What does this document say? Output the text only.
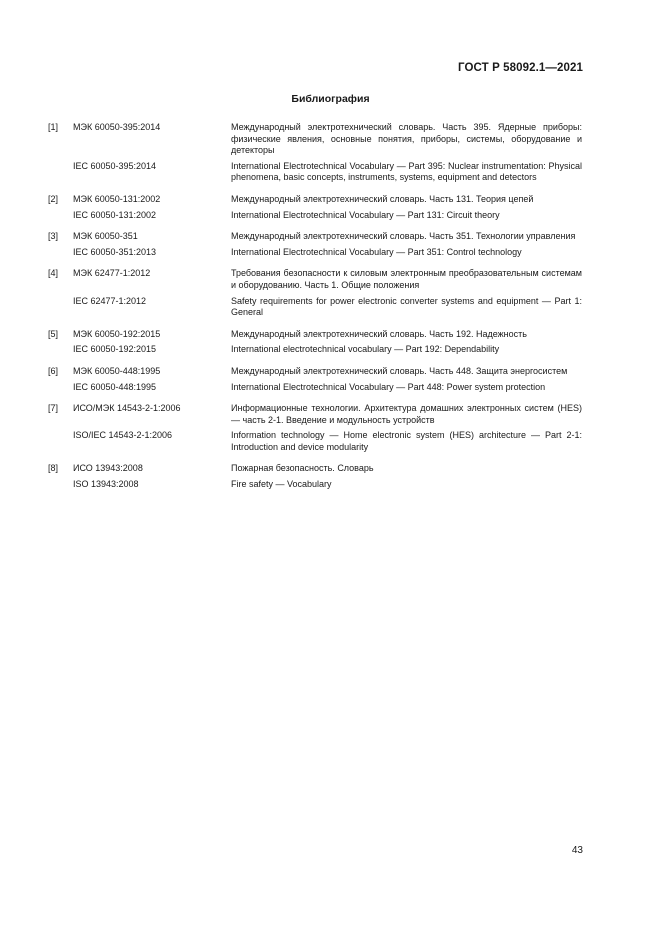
ГОСТ Р 58092.1—2021
Библиография
[1]	МЭК 60050-395:2014	Международный электротехнический словарь. Часть 395. Ядерные приборы: физические явления, основные понятия, приборы, системы, оборудование и детекторы
IEC 60050-395:2014	International Electrotechnical Vocabulary — Part 395: Nuclear instrumentation: Physical phenomena, basic concepts, instruments, systems, equipment and detectors
[2]	МЭК 60050-131:2002	Международный электротехнический словарь. Часть 131. Теория цепей
IEC 60050-131:2002	International Electrotechnical Vocabulary — Part 131: Circuit theory
[3]	МЭК 60050-351	Международный электротехнический словарь. Часть 351. Технологии управления
IEC 60050-351:2013	International Electrotechnical Vocabulary — Part 351: Control technology
[4]	МЭК 62477-1:2012	Требования безопасности к силовым электронным преобразовательным системам и оборудованию. Часть 1. Общие положения
IEC 62477-1:2012	Safety requirements for power electronic converter systems and equipment — Part 1: General
[5]	МЭК 60050-192:2015	Международный электротехнический словарь. Часть 192. Надежность
IEC 60050-192:2015	International electrotechnical vocabulary — Part 192: Dependability
[6]	МЭК 60050-448:1995	Международный электротехнический словарь. Часть 448. Защита энергосистем
IEC 60050-448:1995	International Electrotechnical Vocabulary — Part 448: Power system protection
[7]	ИСО/МЭК 14543-2-1:2006	Информационные технологии. Архитектура домашних электронных систем (HES) — часть 2-1. Введение и модульность устройств
ISO/IEC 14543-2-1:2006	Information technology — Home electronic system (HES) architecture — Part 2-1: Introduction and device modularity
[8]	ИСО 13943:2008	Пожарная безопасность. Словарь
ISO 13943:2008	Fire safety — Vocabulary
43
